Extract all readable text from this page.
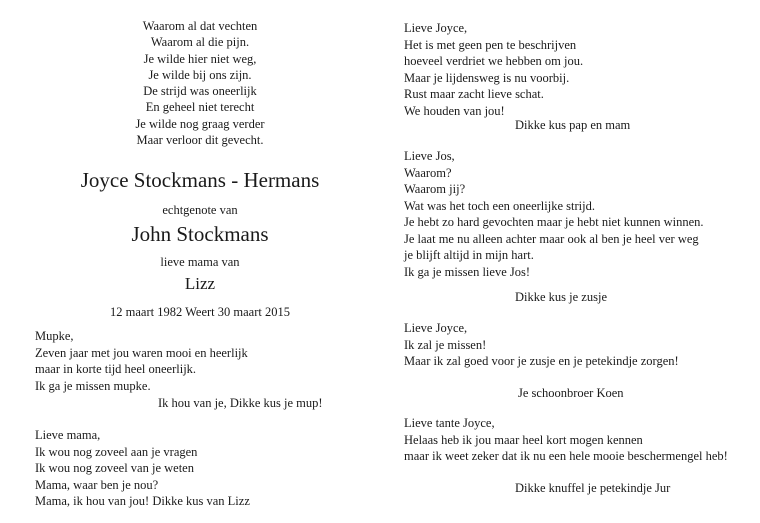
Waarom al dat vechten
Waarom al die pijn.
Je wilde hier niet weg,
Je wilde bij ons zijn.
De strijd was oneerlijk
En geheel niet terecht
Je wilde nog graag verder
Maar verloor dit gevecht.
Joyce Stockmans - Hermans
echtgenote van
John Stockmans
lieve mama van
Lizz
12 maart 1982 Weert 30 maart 2015
Mupke,
Zeven jaar met jou waren mooi en heerlijk
maar in korte tijd heel oneerlijk.
Ik ga je missen mupke.
Ik hou van je, Dikke kus je mup!
Lieve mama,
Ik wou nog zoveel aan je vragen
Ik wou nog zoveel van je weten
Mama, waar ben je nou?
Mama, ik hou van jou! Dikke kus van Lizz
Lieve Joyce,
Het is met geen pen te beschrijven
hoeveel verdriet we hebben om jou.
Maar je lijdensweg is nu voorbij.
Rust maar zacht lieve schat.
We houden van jou!
Dikke kus pap en mam
Lieve Jos,
Waarom?
Waarom jij?
Wat was het toch een oneerlijke strijd.
Je hebt zo hard gevochten maar je hebt niet kunnen winnen.
Je laat me nu alleen achter maar ook al ben je heel ver weg
je blijft altijd in mijn hart.
Ik ga je missen lieve Jos!
Dikke kus je zusje
Lieve Joyce,
Ik zal je missen!
Maar ik zal goed voor je zusje en je petekindje zorgen!
Je schoonbroer Koen
Lieve tante Joyce,
Helaas heb ik jou maar heel kort mogen kennen
maar ik weet zeker dat ik nu een hele mooie beschermengel heb!
Dikke knuffel je petekindje Jur
